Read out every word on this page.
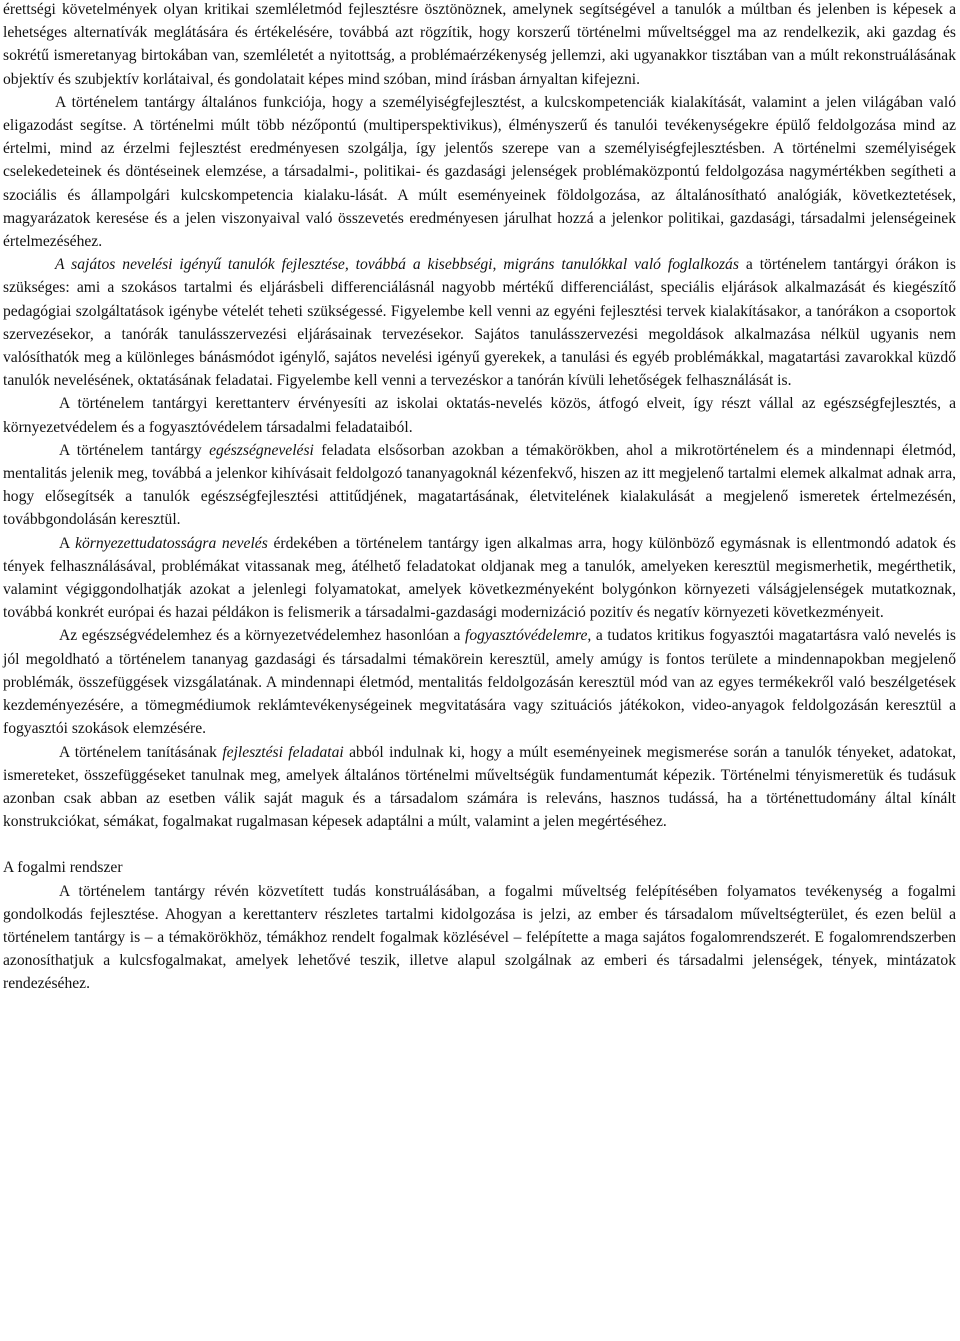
érettségi követelmények olyan kritikai szemléletmód fejlesztésre ösztönöznek, amelynek segítségével a tanulók a múltban és jelenben is képesek a lehetséges alternatívák meglátására és értékelésére, továbbá azt rögzítik, hogy korszerű történelmi műveltséggel ma az rendelkezik, aki gazdag és sokrétű ismeretanyag birtokában van, szemléletét a nyitottság, a problémaérzékenység jellemzi, aki ugyanakkor tisztában van a múlt rekonstruálásának objektív és szubjektív korlátaival, és gondolatait képes mind szóban, mind írásban árnyaltan kifejezni.

A történelem tantárgy általános funkciója, hogy a személyiségfejlesztést, a kulcskompetenciák kialakítását, valamint a jelen világában való eligazodást segítse. A történelmi múlt több nézőpontú (multiperspektivikus), élményszerű és tanulói tevékenységekre épülő feldolgozása mind az értelmi, mind az érzelmi fejlesztést eredményesen szolgálja, így jelentős szerepe van a személyiségfejlesztésben. A történelmi személyiségek cselekedeteinek és döntéseinek elemzése, a társadalmi-, politikai- és gazdasági jelenségek problémaközpontú feldolgozása nagymértékben segítheti a szociális és állampolgári kulcskompetencia kialaku-lását. A múlt eseményeinek földolgozása, az általánosítható analógiák, következtetések, magyarázatok keresése és a jelen viszonyaival való összevetés eredményesen járulhat hozzá a jelenkor politikai, gazdasági, társadalmi jelenségeinek értelmezéséhez.

A sajátos nevelési igényű tanulók fejlesztése, továbbá a kisebbségi, migráns tanulókkal való foglalkozás a történelem tantárgyi órákon is szükséges: ami a szokásos tartalmi és eljárásbeli differenciálásnál nagyobb mértékű differenciálást, speciális eljárások alkalmazását és kiegészítő pedagógiai szolgáltatások igénybe vételét teheti szükségessé. Figyelembe kell venni az egyéni fejlesztési tervek kialakításakor, a tanórákon a csoportok szervezésekor, a tanórák tanulásszervezési eljárásainak tervezésekor. Sajátos tanulásszervezési megoldások alkalmazása nélkül ugyanis nem valósíthatók meg a különleges bánásmódot igénylő, sajátos nevelési igényű gyerekek, a tanulási és egyéb problémákkal, magatartási zavarokkal küzdő tanulók nevelésének, oktatásának feladatai. Figyelembe kell venni a tervezéskor a tanórán kívüli lehetőségek felhasználását is.

A történelem tantárgyi kerettanterv érvényesíti az iskolai oktatás-nevelés közös, átfogó elveit, így részt vállal az egészségfejlesztés, a környezetvédelem és a fogyasztóvédelem társadalmi feladataiból.

A történelem tantárgy egészségnevelési feladata elsősorban azokban a témakörökben, ahol a mikrotörténelem és a mindennapi életmód, mentalitás jelenik meg, továbbá a jelenkor kihívásait feldolgozó tananyagoknál kézenfekvő, hiszen az itt megjelenő tartalmi elemek alkalmat adnak arra, hogy elősegítsék a tanulók egészségfejlesztési attitűdjének, magatartásának, életvitelének kialakulását a megjelenő ismeretek értelmezésén, továbbgondolásán keresztül.

A környezettudatosságra nevelés érdekében a történelem tantárgy igen alkalmas arra, hogy különböző egymásnak is ellentmondó adatok és tények felhasználásával, problémákat vitassanak meg, átélhető feladatokat oldjanak meg a tanulók, amelyeken keresztül megismerhetik, megérthetik, valamint végiggondolhatják azokat a jelenlegi folyamatokat, amelyek következményeként bolygónkon környezeti válságjelenségek mutatkoznak, továbbá konkrét európai és hazai példákon is felismerik a társadalmi-gazdasági modernizáció pozitív és negatív környezeti következményeit.

Az egészségvédelemhez és a környezetvédelemhez hasonlóan a fogyasztóvédelemre, a tudatos kritikus fogyasztói magatartásra való nevelés is jól megoldható a történelem tananyag gazdasági és társadalmi témakörein keresztül, amely amúgy is fontos területe a mindennapokban megjelenő problémák, összefüggések vizsgálatának. A mindennapi életmód, mentalitás feldolgozásán keresztül mód van az egyes termékekről való beszélgetések kezdeményezésére, a tömegmédiumok reklámtevékenységeinek megvitatására vagy szituációs játékokon, video-anyagok feldolgozásán keresztül a fogyasztói szokások elemzésére.

A történelem tanításának fejlesztési feladatai abból indulnak ki, hogy a múlt eseményeinek megismerése során a tanulók tényeket, adatokat, ismereteket, összefüggéseket tanulnak meg, amelyek általános történelmi műveltségük fundamentumát képezik. Történelmi tényismeretük és tudásuk azonban csak abban az esetben válik saját maguk és a társadalom számára is releváns, hasznos tudássá, ha a történettudomány által kínált konstrukciókat, sémákat, fogalmakat rugalmasan képesek adaptálni a múlt, valamint a jelen megértéséhez.

A fogalmi rendszer

A történelem tantárgy révén közvetített tudás konstruálásában, a fogalmi műveltség felépítésében folyamatos tevékenység a fogalmi gondolkodás fejlesztése. Ahogyan a kerettanterv részletes tartalmi kidolgozása is jelzi, az ember és társadalom műveltségterület, és ezen belül a történelem tantárgy is – a témakörökhöz, témákhoz rendelt fogalmak közlésével – felépítette a maga sajátos fogalomrendszerét. E fogalomrendszerben azonosíthatjuk a kulcsfogalmakat, amelyek lehetővé teszik, illetve alapul szolgálnak az emberi és társadalmi jelenségek, tények, mintázatok rendezéséhez.
